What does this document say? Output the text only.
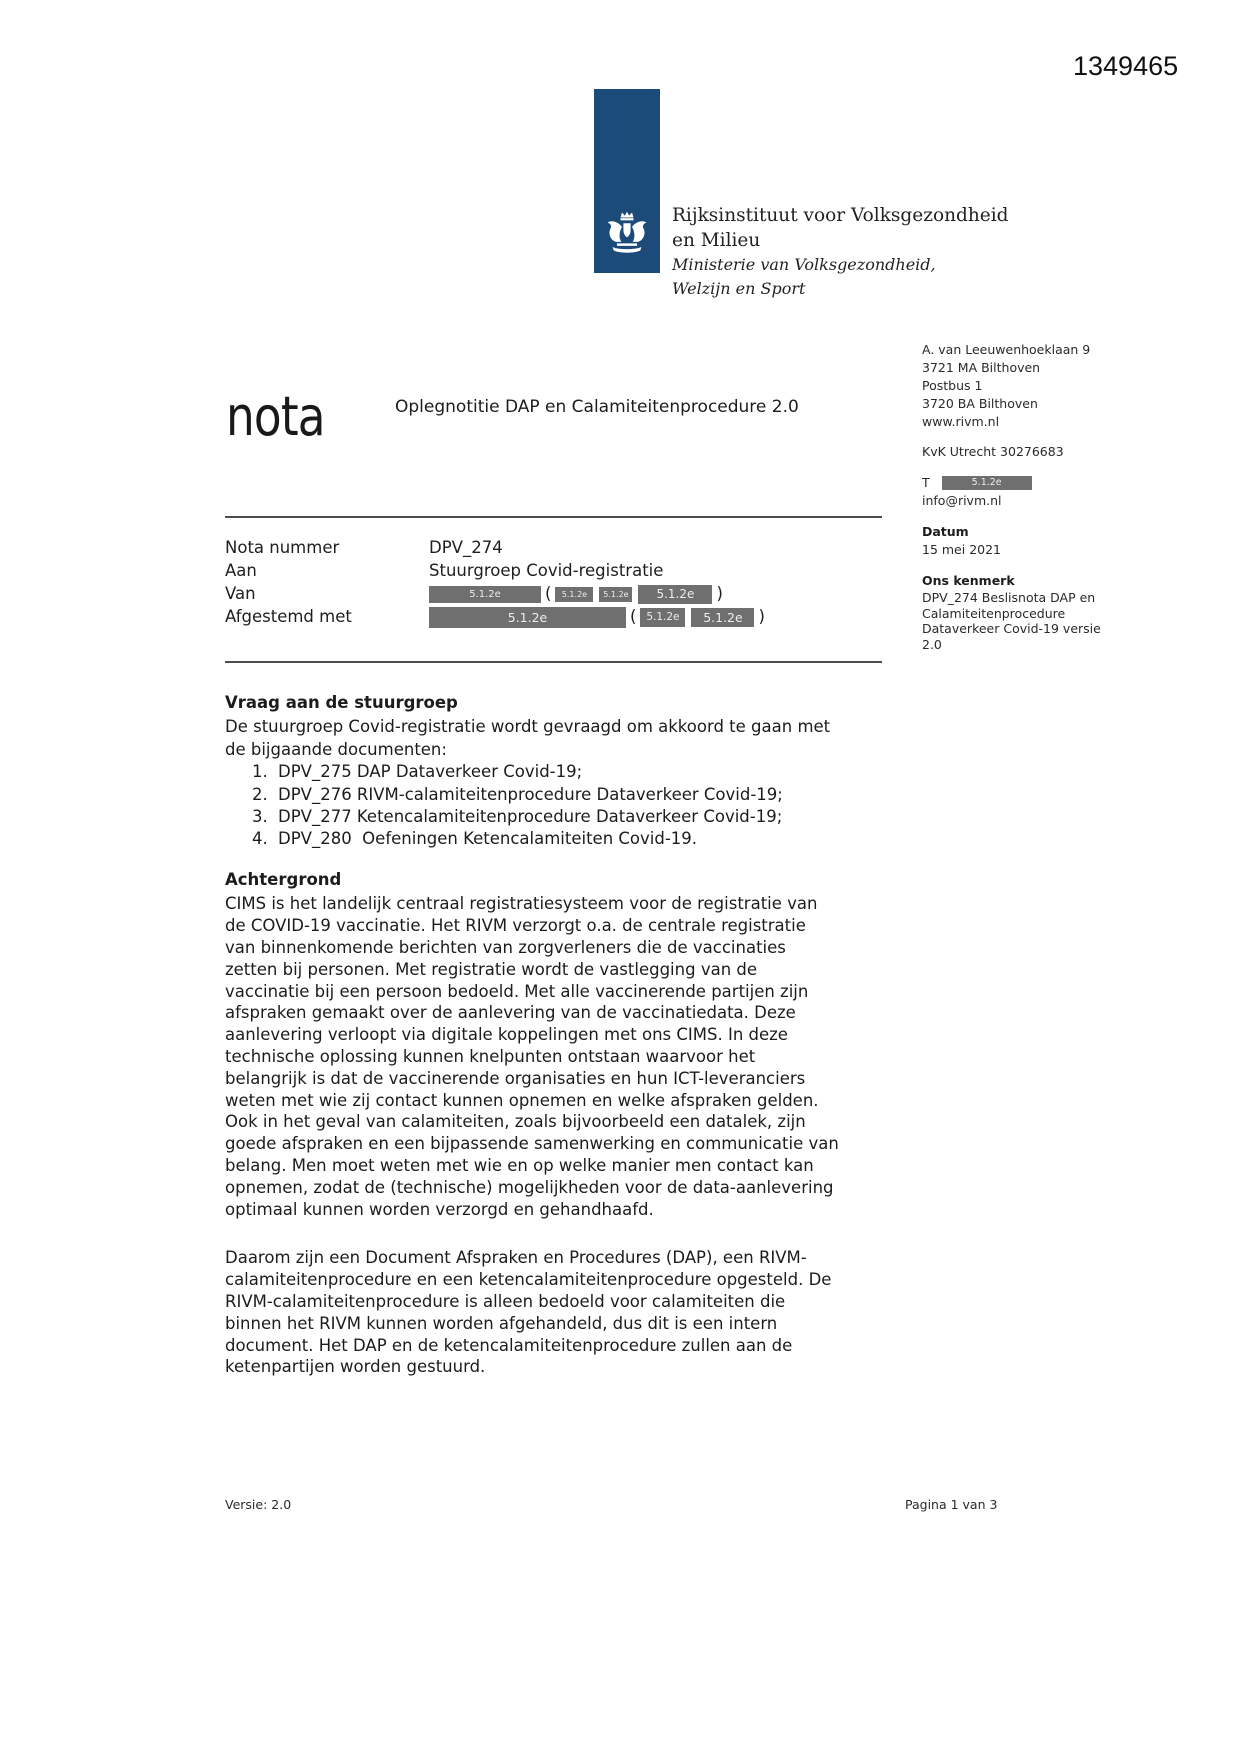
1349465
Rijksinstituut voor Volksgezondheid
en Milieu
Ministerie van Volksgezondheid,
Welzijn en Sport
nota	Oplegnotitie DAP en Calamiteitenprocedure 2.0
A. van Leeuwenhoeklaan 9
3721 MA Bilthoven
Postbus 1
3720 BA Bilthoven
www.rivm.nl
KvK Utrecht 30276683
T	5.1.2e
info@rivm.nl
Datum
15 mei 2021
Ons kenmerk
DPV_274 Beslisnota DAP en Calamiteitenprocedure Dataverkeer Covid-19 versie 2.0
Nota nummer	DPV_274
Aan	Stuurgroep Covid-registratie
Van	5.1.2e	( 5.1.2e 5.1.2e 5.1.2e )
Afgestemd met	5.1.2e	( 5.1.2e 5.1.2e )
Vraag aan de stuurgroep
De stuurgroep Covid-registratie wordt gevraagd om akkoord te gaan met
de bijgaande documenten:
1. DPV_275 DAP Dataverkeer Covid-19;
2. DPV_276 RIVM-calamiteitenprocedure Dataverkeer Covid-19;
3. DPV_277 Ketencalamiteitenprocedure Dataverkeer Covid-19;
4. DPV_280  Oefeningen Ketencalamiteiten Covid-19.
Achtergrond
CIMS is het landelijk centraal registratiesysteem voor de registratie van
de COVID-19 vaccinatie. Het RIVM verzorgt o.a. de centrale registratie
van binnenkomende berichten van zorgverleners die de vaccinaties
zetten bij personen. Met registratie wordt de vastlegging van de
vaccinatie bij een persoon bedoeld. Met alle vaccinerende partijen zijn
afspraken gemaakt over de aanlevering van de vaccinatiedata. Deze
aanlevering verloopt via digitale koppelingen met ons CIMS. In deze
technische oplossing kunnen knelpunten ontstaan waarvoor het
belangrijk is dat de vaccinerende organisaties en hun ICT-leveranciers
weten met wie zij contact kunnen opnemen en welke afspraken gelden.
Ook in het geval van calamiteiten, zoals bijvoorbeeld een datalek, zijn
goede afspraken en een bijpassende samenwerking en communicatie van
belang. Men moet weten met wie en op welke manier men contact kan
opnemen, zodat de (technische) mogelijkheden voor de data-aanlevering
optimaal kunnen worden verzorgd en gehandhaafd.
Daarom zijn een Document Afspraken en Procedures (DAP), een RIVM-
calamiteitenprocedure en een ketencalamiteitenprocedure opgesteld. De
RIVM-calamiteitenprocedure is alleen bedoeld voor calamiteiten die
binnen het RIVM kunnen worden afgehandeld, dus dit is een intern
document. Het DAP en de ketencalamiteitenprocedure zullen aan de
ketenpartijen worden gestuurd.
Versie: 2.0	Pagina 1 van 3
